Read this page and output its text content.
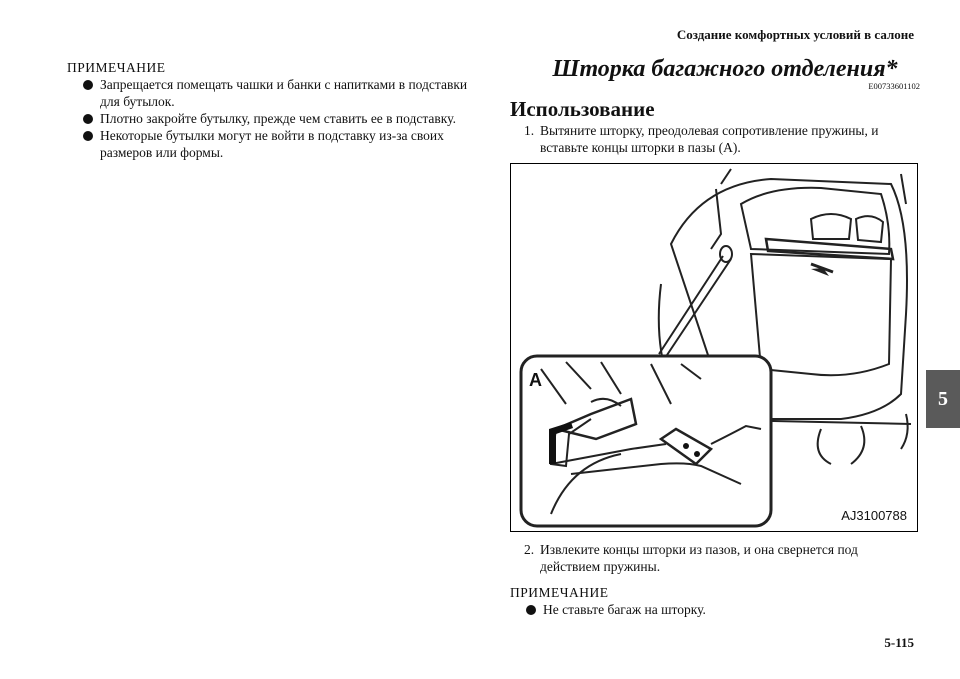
Создание комфортных условий в салоне
ПРИМЕЧАНИЕ
Запрещается помещать чашки и банки с напитками в подставки для бутылок.
Плотно закройте бутылку, прежде чем ставить ее в подставку.
Некоторые бутылки могут не войти в подставку из-за своих размеров или формы.
Шторка багажного отделения*
E00733601102
Использование
1. Вытяните шторку, преодолевая сопротивление пружины, и вставьте концы шторки в пазы (A).
A
AJ3100788
2. Извлеките концы шторки из пазов, и она свернется под действием пружины.
ПРИМЕЧАНИЕ
Не ставьте багаж на шторку.
5
5-115
